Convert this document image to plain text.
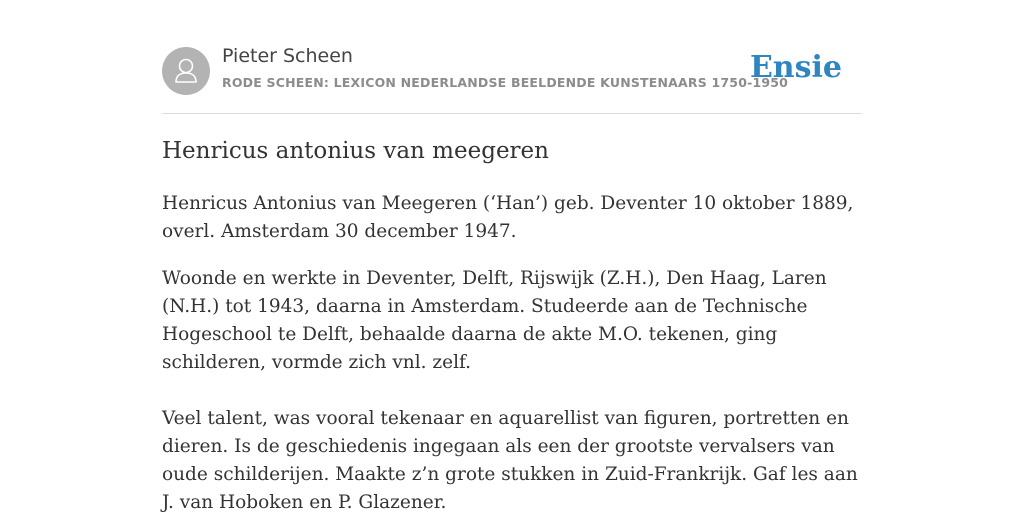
Pieter Scheen
RODE SCHEEN: LEXICON NEDERLANDSE BEELDENDE KUNSTENAARS 1750-1950
Ensie
Henricus antonius van meegeren

Henricus Antonius van Meegeren (‘Han’) geb. Deventer 10 oktober 1889, overl. Amsterdam 30 december 1947.

Woonde en werkte in Deventer, Delft, Rijswijk (Z.H.), Den Haag, Laren (N.H.) tot 1943, daarna in Amsterdam. Studeerde aan de Technische Hogeschool te Delft, behaalde daarna de akte M.O. tekenen, ging schilderen, vormde zich vnl. zelf.

Veel talent, was vooral tekenaar en aquarellist van figuren, portretten en dieren. Is de geschiedenis ingegaan als een der grootste vervalsers van oude schilderijen. Maakte z’n grote stukken in Zuid-Frankrijk. Gaf les aan J. van Hoboken en P. Glazener.
